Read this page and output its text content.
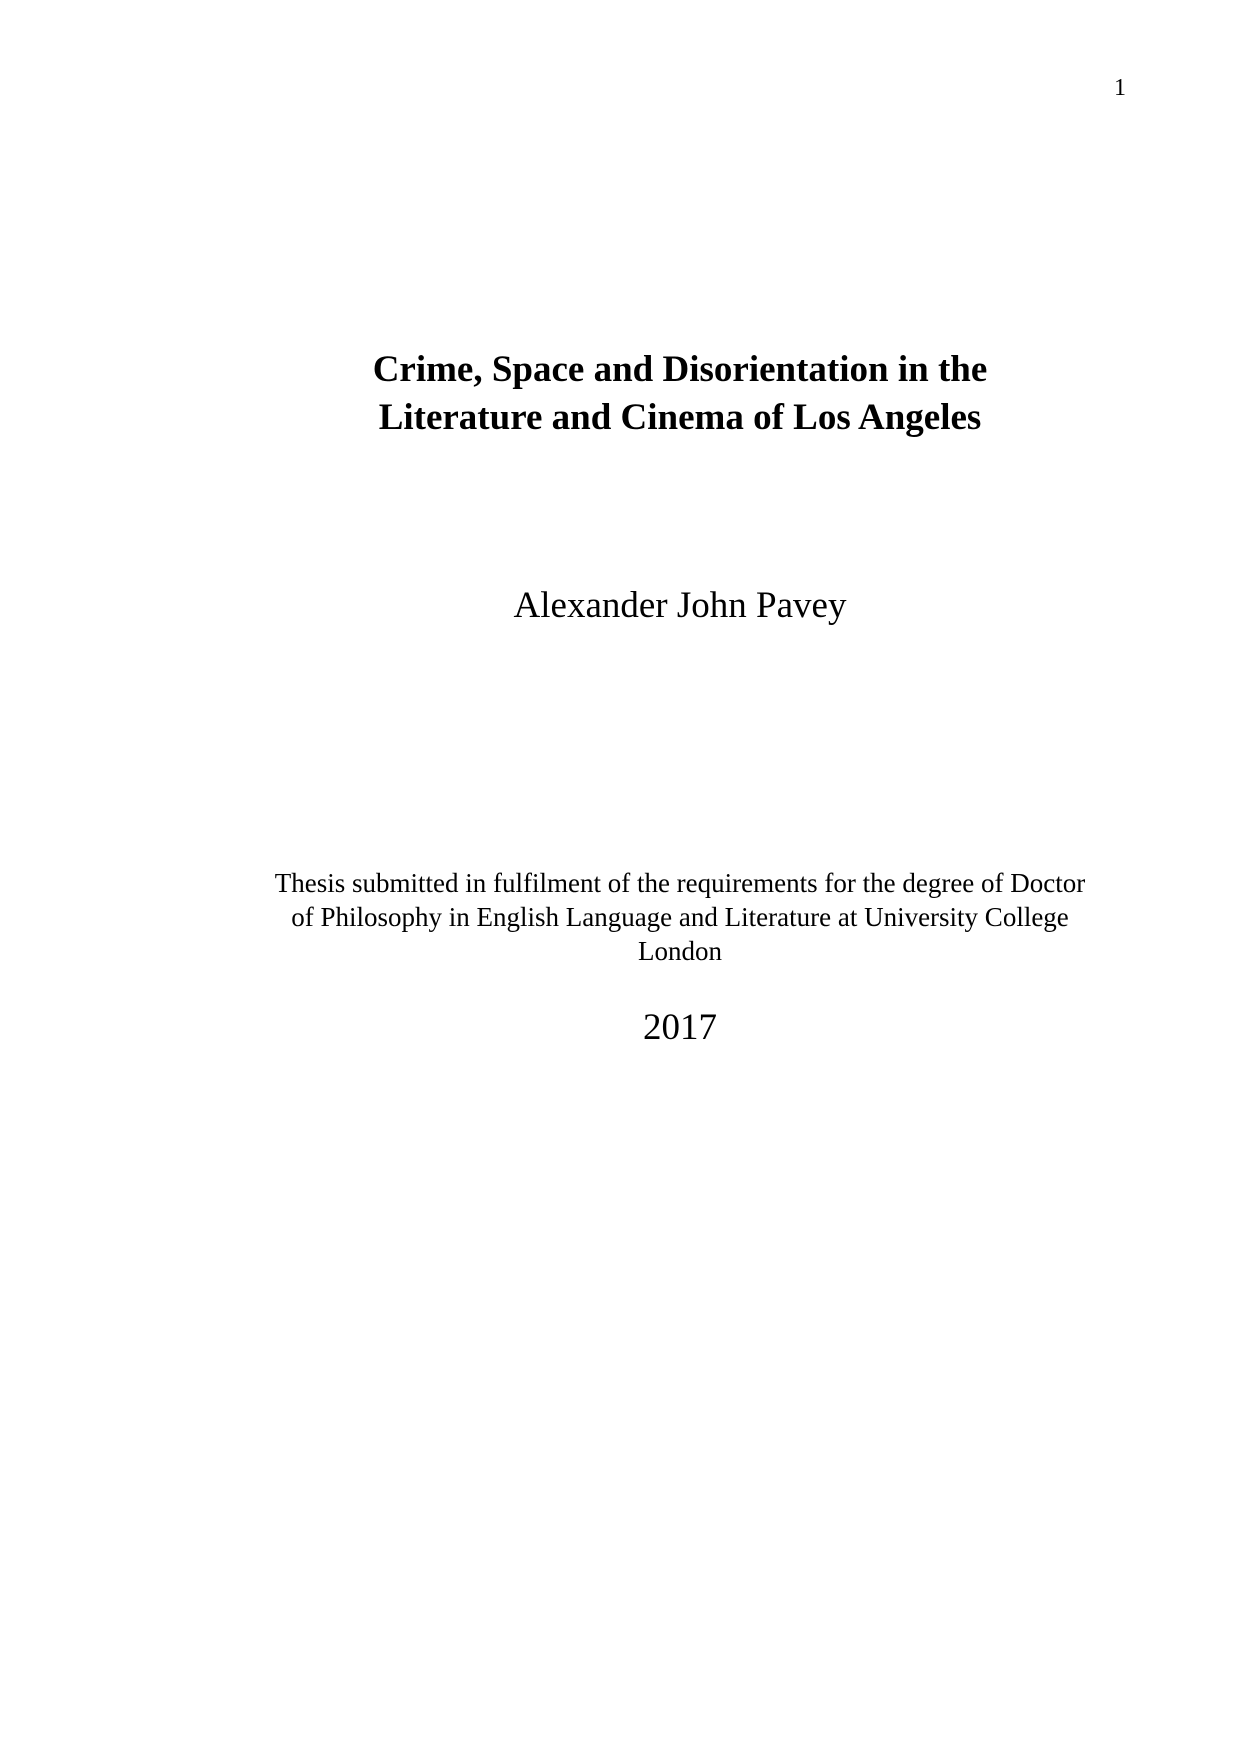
1
Crime, Space and Disorientation in the
Literature and Cinema of Los Angeles
Alexander John Pavey
Thesis submitted in fulfilment of the requirements for the degree of Doctor
of Philosophy in English Language and Literature at University College
London
2017
